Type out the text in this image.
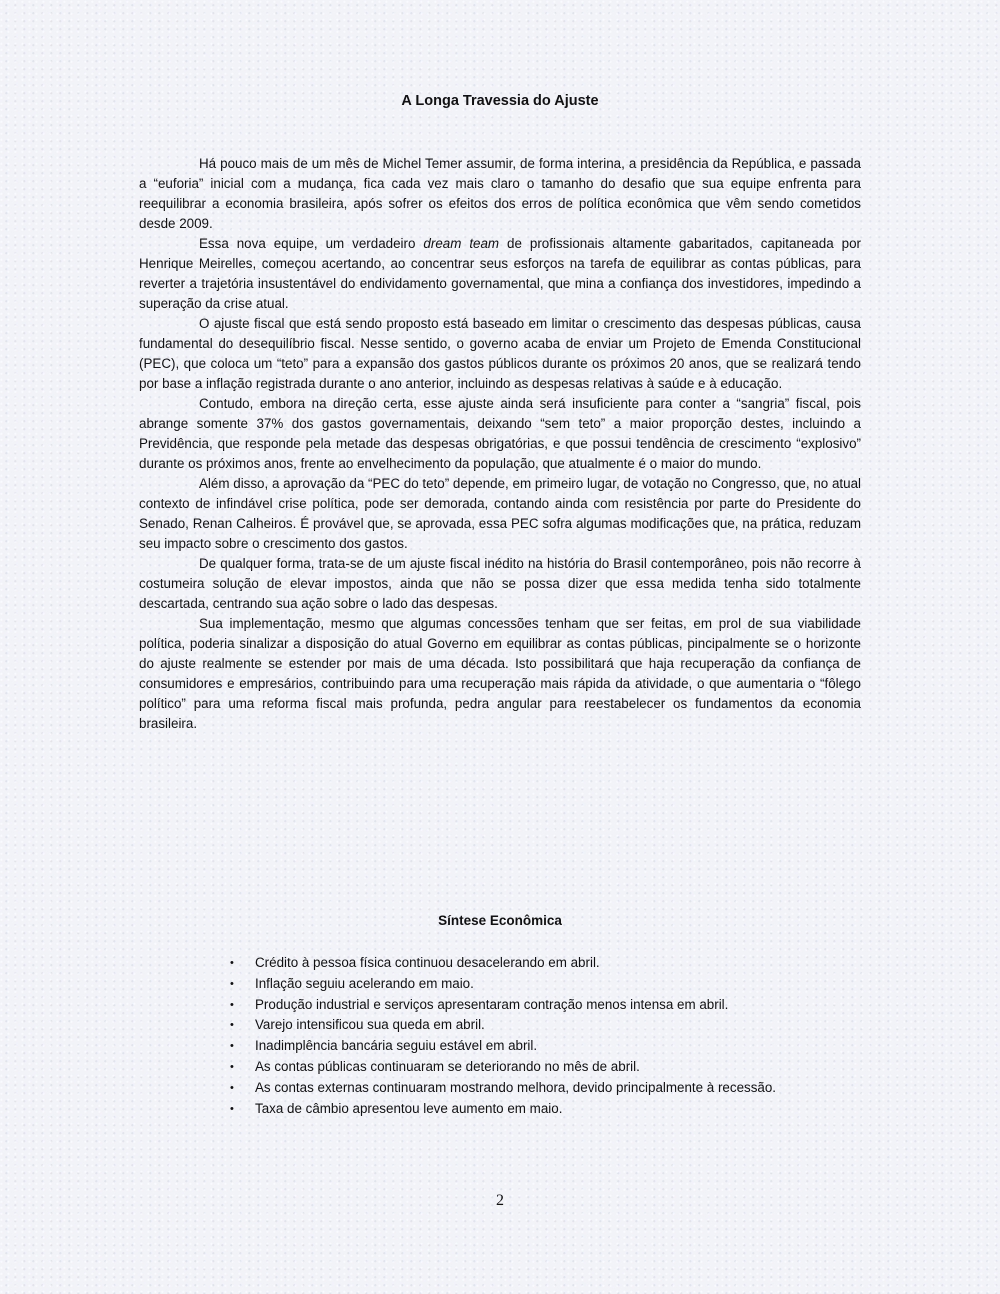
A Longa Travessia do Ajuste

Há pouco mais de um mês de Michel Temer assumir, de forma interina, a presidência da República, e passada a “euforia” inicial com a mudança, fica cada vez mais claro o tamanho do desafio que sua equipe enfrenta para reequilibrar a economia brasileira, após sofrer os efeitos dos erros de política econômica que vêm sendo cometidos desde 2009.

Essa nova equipe, um verdadeiro dream team de profissionais altamente gabaritados, capitaneada por Henrique Meirelles, começou acertando, ao concentrar seus esforços na tarefa de equilibrar as contas públicas, para reverter a trajetória insustentável do endividamento governamental, que mina a confiança dos investidores, impedindo a superação da crise atual.

O ajuste fiscal que está sendo proposto está baseado em limitar o crescimento das despesas públicas, causa fundamental do desequilíbrio fiscal. Nesse sentido, o governo acaba de enviar um Projeto de Emenda Constitucional (PEC), que coloca um “teto” para a expansão dos gastos públicos durante os próximos 20 anos, que se realizará tendo por base a inflação registrada durante o ano anterior, incluindo as despesas relativas à saúde e à educação.

Contudo, embora na direção certa, esse ajuste ainda será insuficiente para conter a “sangria” fiscal, pois abrange somente 37% dos gastos governamentais, deixando “sem teto” a maior proporção destes, incluindo a Previdência, que responde pela metade das despesas obrigatórias, e que possui tendência de crescimento “explosivo” durante os próximos anos, frente ao envelhecimento da população, que atualmente é o maior do mundo.

Além disso, a aprovação da “PEC do teto” depende, em primeiro lugar, de votação no Congresso, que, no atual contexto de infindável crise política, pode ser demorada, contando ainda com resistência por parte do Presidente do Senado, Renan Calheiros. É provável que, se aprovada, essa PEC sofra algumas modificações que, na prática, reduzam seu impacto sobre o crescimento dos gastos.

De qualquer forma, trata-se de um ajuste fiscal inédito na história do Brasil contemporâneo, pois não recorre à costumeira solução de elevar impostos, ainda que não se possa dizer que essa medida tenha sido totalmente descartada, centrando sua ação sobre o lado das despesas.

Sua implementação, mesmo que algumas concessões tenham que ser feitas, em prol de sua viabilidade política, poderia sinalizar a disposição do atual Governo em equilibrar as contas públicas, pincipalmente se o horizonte do ajuste realmente se estender por mais de uma década. Isto possibilitará que haja recuperação da confiança de consumidores e empresários, contribuindo para uma recuperação mais rápida da atividade, o que aumentaria o “fôlego político” para uma reforma fiscal mais profunda, pedra angular para reestabelecer os fundamentos da economia brasileira.

Síntese Econômica
• Crédito à pessoa física continuou desacelerando em abril.
• Inflação seguiu acelerando em maio.
• Produção industrial e serviços apresentaram contração menos intensa em abril.
• Varejo intensificou sua queda em abril.
• Inadimplência bancária seguiu estável em abril.
• As contas públicas continuaram se deteriorando no mês de abril.
• As contas externas continuaram mostrando melhora, devido principalmente à recessão.
• Taxa de câmbio apresentou leve aumento em maio.
2
